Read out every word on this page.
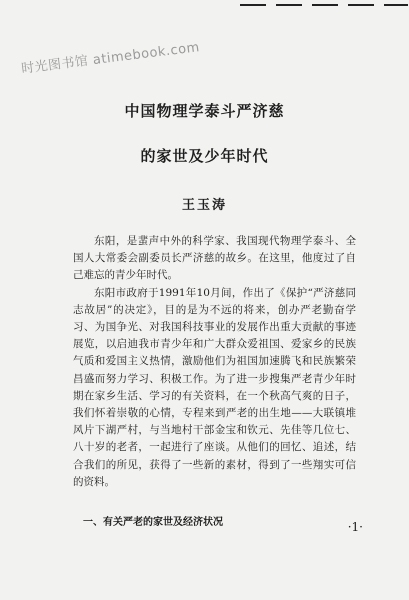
时光图书馆 atimebook.com
中国物理学泰斗严济慈
的家世及少年时代
王玉涛

东阳，是蜚声中外的科学家、我国现代物理学泰斗、全国人大常委会副委员长严济慈的故乡。在这里，他度过了自己难忘的青少年时代。

东阳市政府于1991年10月间，作出了《保护“严济慈同志故居”的决定》，目的是为不远的将来，创办严老勤奋学习、为国争光、对我国科技事业的发展作出重大贡献的事迹展览，以启迪我市青少年和广大群众爱祖国、爱家乡的民族气质和爱国主义热情，激励他们为祖国加速腾飞和民族繁荣昌盛而努力学习、积极工作。为了进一步搜集严老青少年时期在家乡生活、学习的有关资料，在一个秋高气爽的日子，我们怀着崇敬的心情，专程来到严老的出生地——大联镇堆风片下湖严村，与当地村干部金宝和钦元、先佳等几位七、八十岁的老者，一起进行了座谈。从他们的回忆、追述，结合我们的所见，获得了一些新的素材，得到了一些翔实可信的资料。

一、有关严老的家世及经济状况	·1·
